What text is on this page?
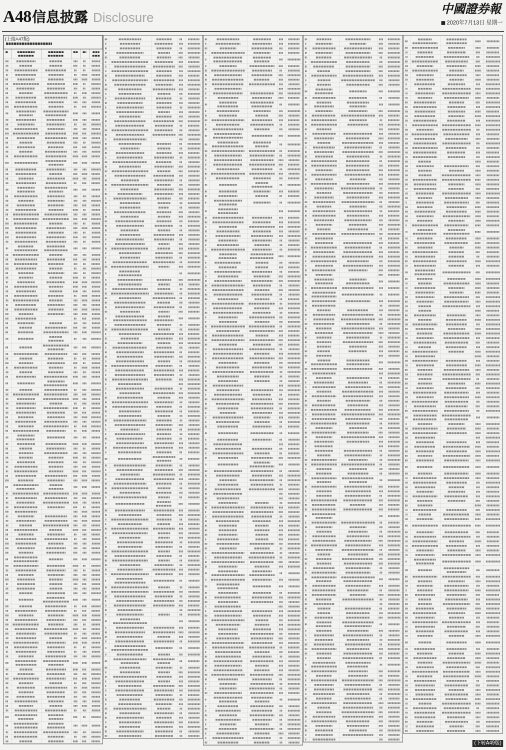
A48 信息披露 Disclosure
中國證券報
2020年7月13日 星期一
(上接A47版)
(下转A49版)
